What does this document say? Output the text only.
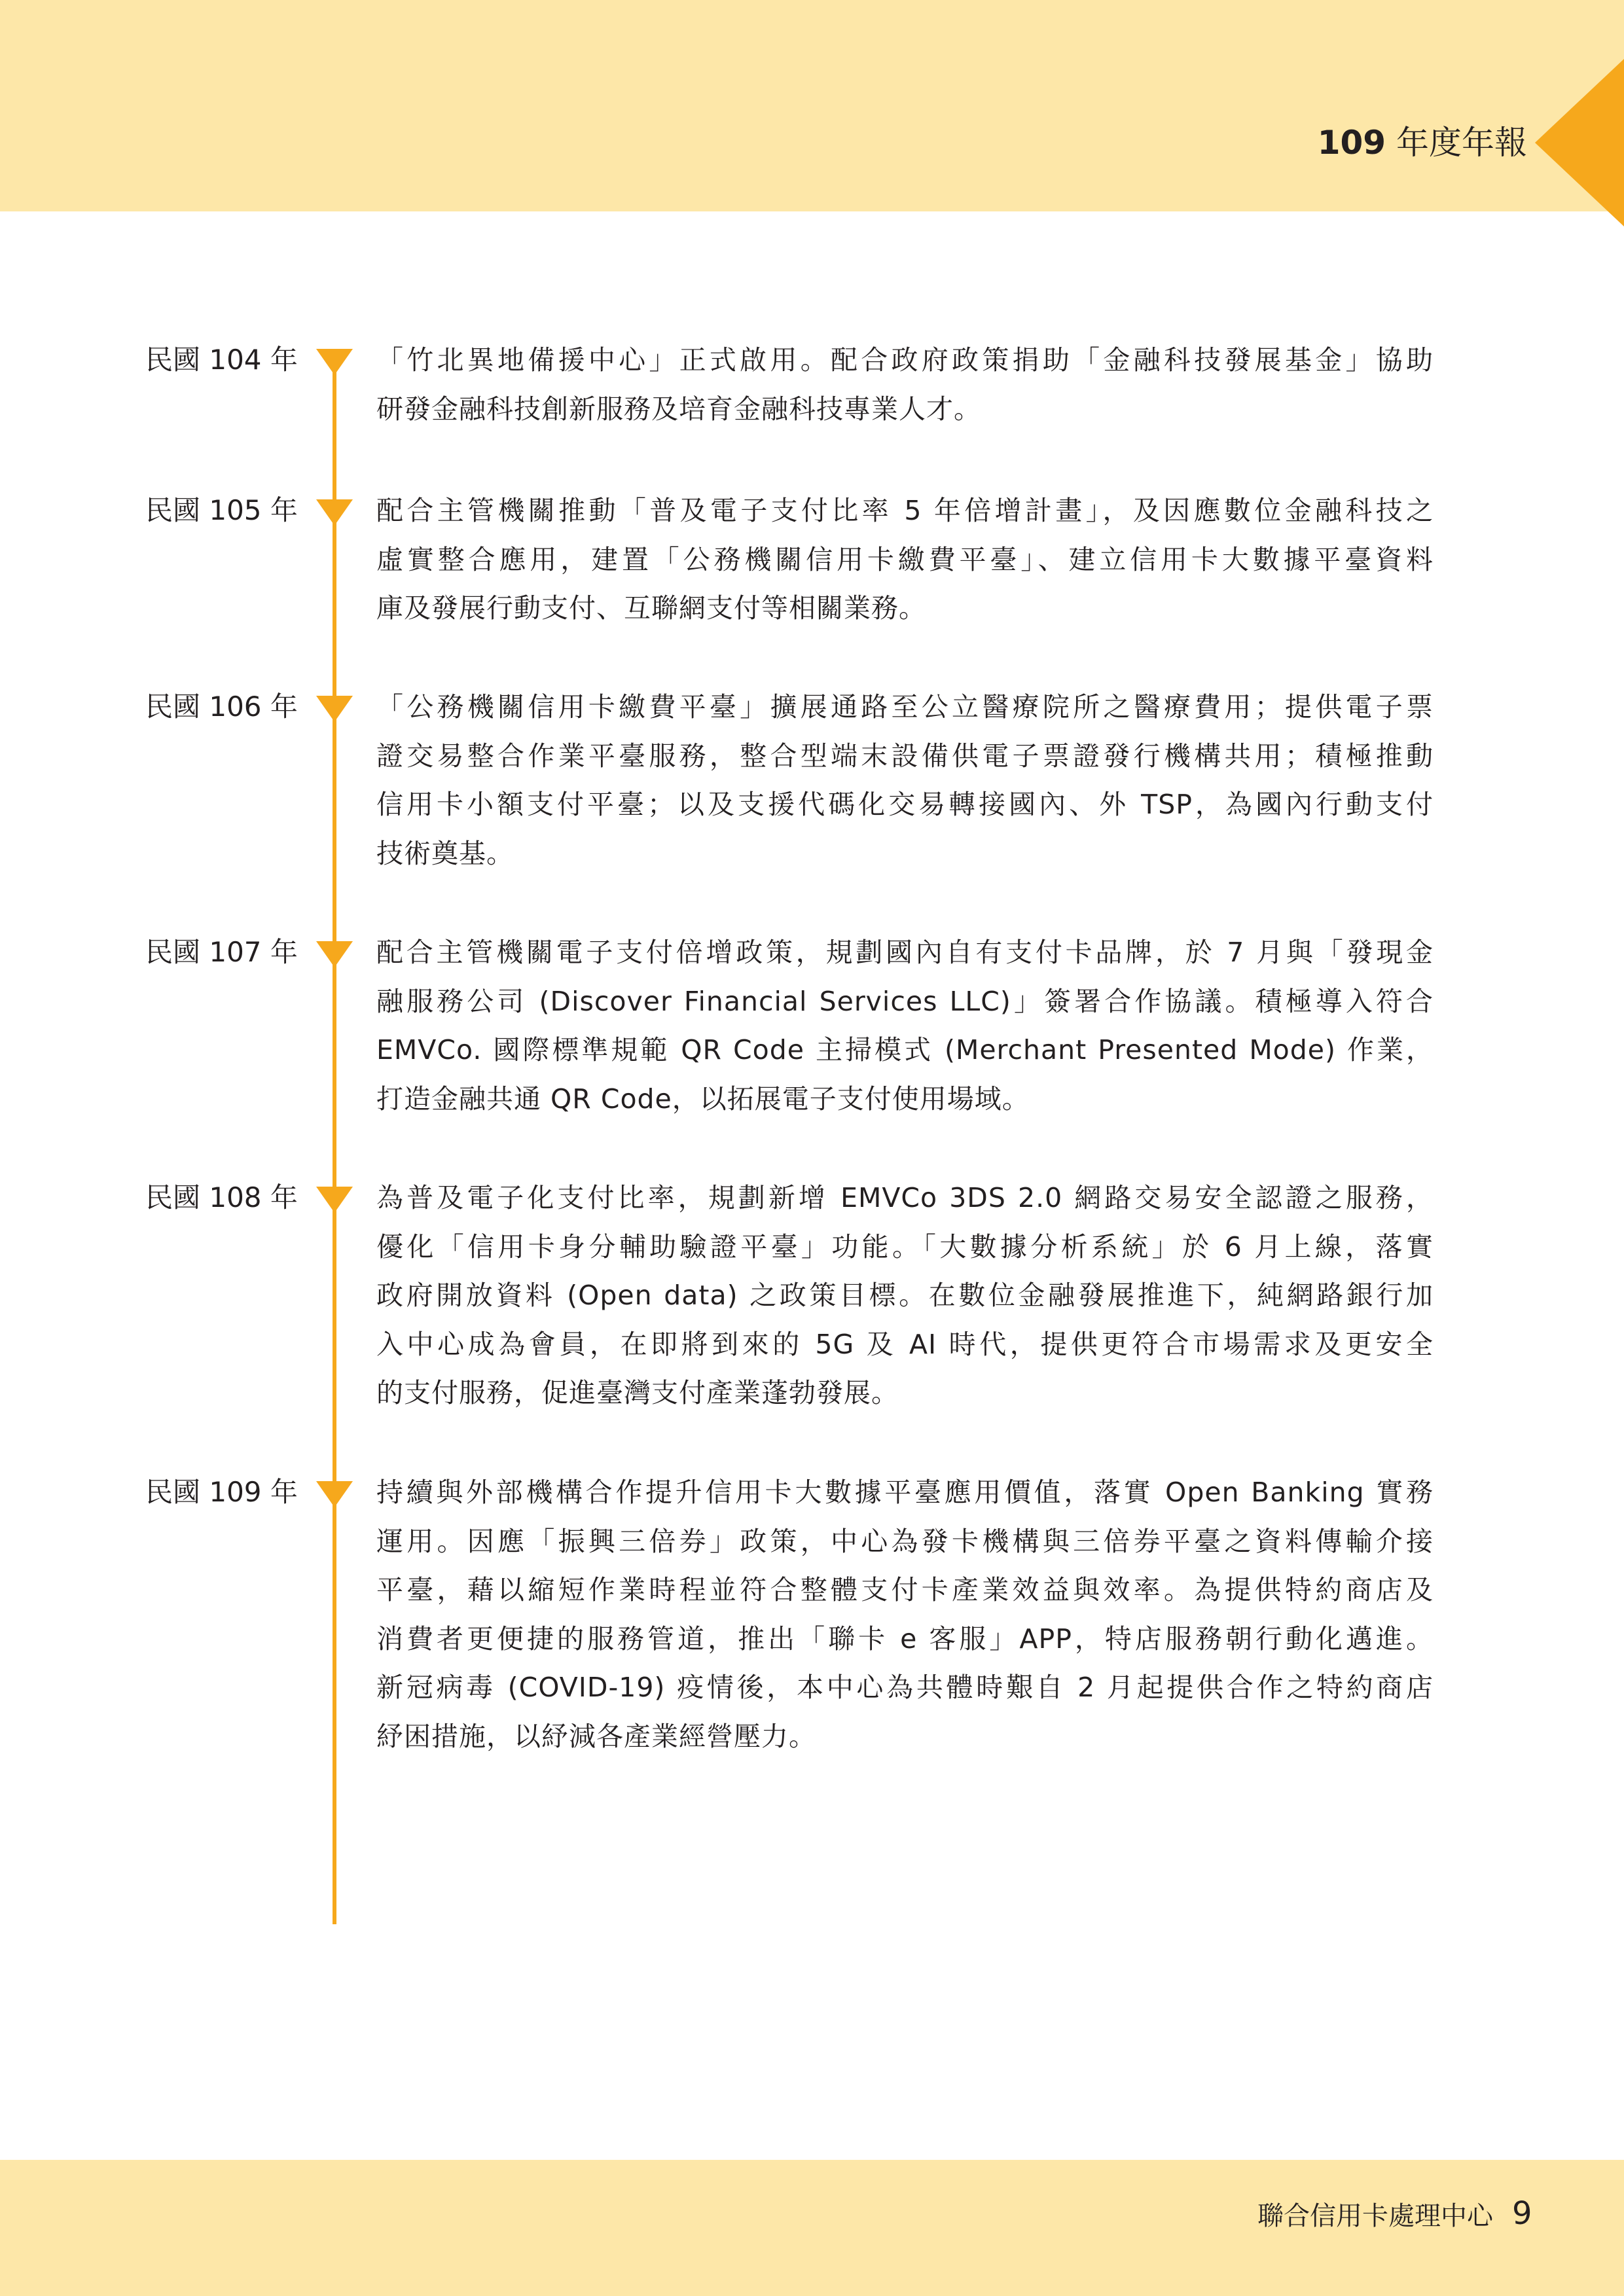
109 年度年報
民國 104 年	「竹北異地備援中心」正式啟用。配合政府政策捐助「金融科技發展基金」協助
研發金融科技創新服務及培育金融科技專業人才。
民國 105 年	配合主管機關推動「普及電子支付比率 5 年倍增計畫」，及因應數位金融科技之
虛實整合應用，建置「公務機關信用卡繳費平臺」、建立信用卡大數據平臺資料
庫及發展行動支付、互聯網支付等相關業務。
民國 106 年	「公務機關信用卡繳費平臺」擴展通路至公立醫療院所之醫療費用；提供電子票
證交易整合作業平臺服務，整合型端末設備供電子票證發行機構共用；積極推動
信用卡小額支付平臺；以及支援代碼化交易轉接國內、外 TSP，為國內行動支付
技術奠基。
民國 107 年	配合主管機關電子支付倍增政策，規劃國內自有支付卡品牌，於 7 月與「發現金
融服務公司 (Discover Financial Services LLC)」簽署合作協議。積極導入符合
EMVCo. 國際標準規範 QR Code 主掃模式 (Merchant Presented Mode) 作業，
打造金融共通 QR Code，以拓展電子支付使用場域。
民國 108 年	為普及電子化支付比率，規劃新增 EMVCo 3DS 2.0 網路交易安全認證之服務，
優化「信用卡身分輔助驗證平臺」功能。「大數據分析系統」於 6 月上線，落實
政府開放資料 (Open data) 之政策目標。在數位金融發展推進下，純網路銀行加
入中心成為會員，在即將到來的 5G 及 AI 時代，提供更符合市場需求及更安全
的支付服務，促進臺灣支付產業蓬勃發展。
民國 109 年	持續與外部機構合作提升信用卡大數據平臺應用價值，落實 Open Banking 實務
運用。因應「振興三倍券」政策，中心為發卡機構與三倍券平臺之資料傳輸介接
平臺，藉以縮短作業時程並符合整體支付卡產業效益與效率。為提供特約商店及
消費者更便捷的服務管道，推出「聯卡 e 客服」APP，特店服務朝行動化邁進。
新冠病毒 (COVID-19) 疫情後，本中心為共體時艱自 2 月起提供合作之特約商店
紓困措施，以紓減各產業經營壓力。
聯合信用卡處理中心 9
